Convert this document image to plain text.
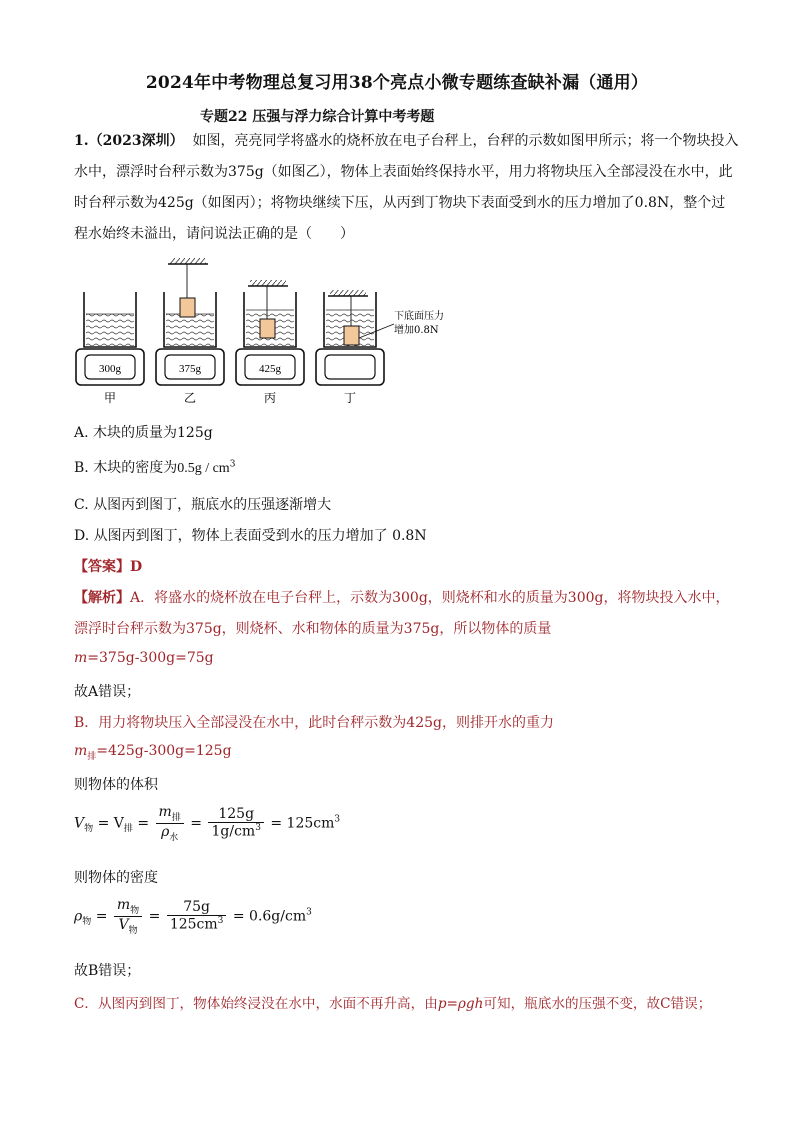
2024年中考物理总复习用38个亮点小微专题练查缺补漏（通用）
专题22 压强与浮力综合计算中考考题
1.（2023深圳） 如图，亮亮同学将盛水的烧杯放在电子台秤上，台秤的示数如图甲所示；将一个物块投入
水中，漂浮时台秤示数为375g（如图乙），物体上表面始终保持水平，用力将物块压入全部浸没在水中，此
时台秤示数为425g（如图丙）；将物块继续下压，从丙到丁物块下表面受到水的压力增加了0.8N，整个过
程水始终未溢出，请问说法正确的是（　　）
300g
甲
375g
乙
425g
丙	丁
下底面压力
增加0.8N
A. 木块的质量为125g
B. 木块的密度为$0.5g / cm^3$
C. 从图丙到图丁，瓶底水的压强逐渐增大
D. 从图丙到图丁，物体上表面受到水的压力增加了 0.8N
【答案】D
【解析】A．将盛水的烧杯放在电子台秤上，示数为300g，则烧杯和水的质量为300g，将物块投入水中，
漂浮时台秤示数为375g，则烧杯、水和物体的质量为375g，所以物体的质量
m=375g-300g=75g
故A错误；
B．用力将物块压入全部浸没在水中，此时台秤示数为425g，则排开水的重力
$m_排=425g-300g=125g$
则物体的体积
$V_物 = V_排 = \frac{m_排}{\rho_水} = \frac{125g}{1g/cm^3} = 125cm^3$
则物体的密度
$\rho_物 = \frac{m_物}{V_物} = \frac{75g}{125cm^3} = 0.6g/cm^3$
故B错误；
C．从图丙到图丁，物体始终浸没在水中，水面不再升高，由p=ρgh可知，瓶底水的压强不变，故C错误；
